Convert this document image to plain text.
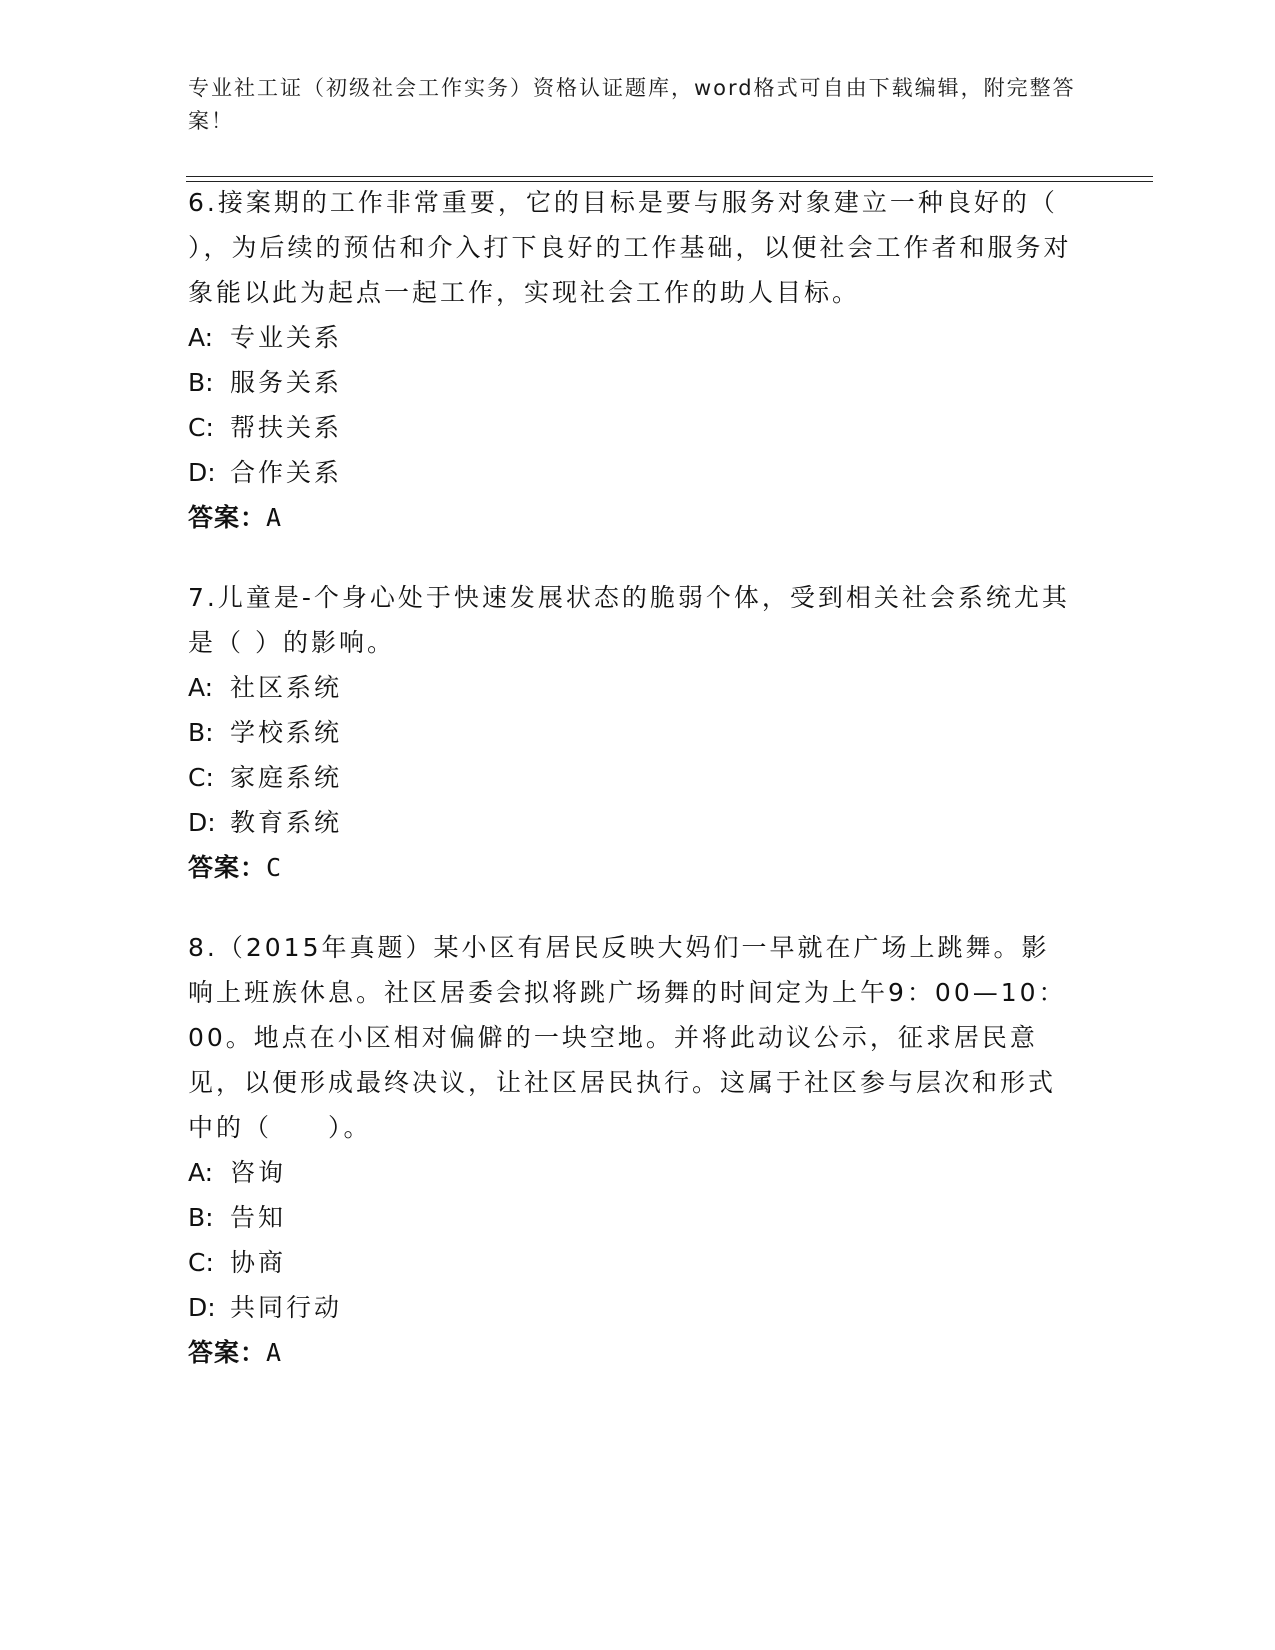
专业社工证（初级社会工作实务）资格认证题库，word格式可自由下载编辑，附完整答案！

6.接案期的工作非常重要，它的目标是要与服务对象建立一种良好的（ ），为后续的预估和介入打下良好的工作基础，以便社会工作者和服务对象能以此为起点一起工作，实现社会工作的助人目标。

A: 专业关系

B: 服务关系

C: 帮扶关系

D: 合作关系

答案：A

7.儿童是-个身心处于快速发展状态的脆弱个体，受到相关社会系统尤其是（ ）的影响。

A: 社区系统

B: 学校系统

C: 家庭系统

D: 教育系统

答案：C

8.（2015年真题）某小区有居民反映大妈们一早就在广场上跳舞。影响上班族休息。社区居委会拟将跳广场舞的时间定为上午9：00—10：00。地点在小区相对偏僻的一块空地。并将此动议公示，征求居民意见，以便形成最终决议，让社区居民执行。这属于社区参与层次和形式中的（　　）。

A: 咨询

B: 告知

C: 协商

D: 共同行动

答案：A
